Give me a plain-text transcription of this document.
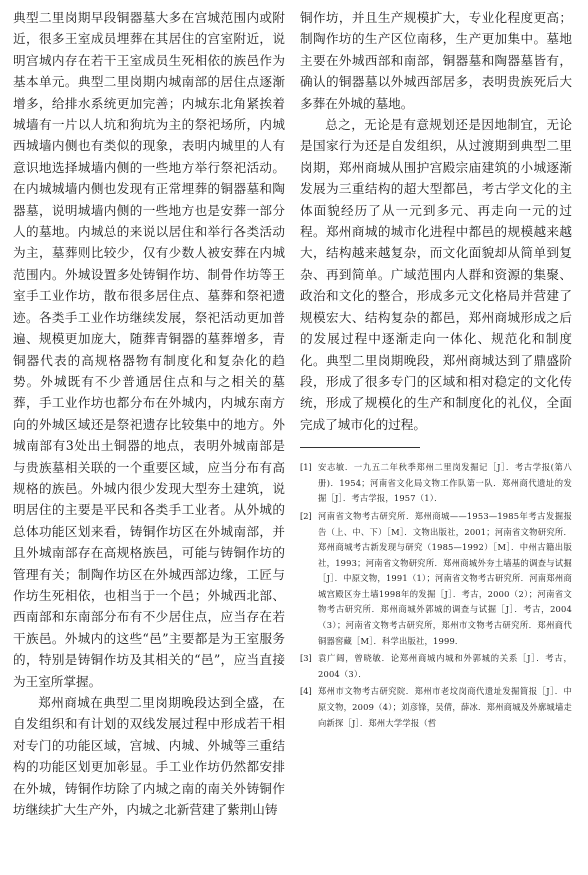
典型二里岗期早段铜器墓大多在宫城范围内或附近，很多王室成员埋葬在其居住的宫室附近，说明宫城内存在若干王室成员生死相依的族邑作为基本单元。典型二里岗期内城南部的居住点逐渐增多，给排水系统更加完善；内城东北角紧挨着城墙有一片以人坑和狗坑为主的祭祀场所，内城西城墙内侧也有类似的现象，表明内城里的人有意识地选择城墙内侧的一些地方举行祭祀活动。在内城城墙内侧也发现有正常埋葬的铜器墓和陶器墓，说明城墙内侧的一些地方也是安葬一部分人的墓地。内城总的来说以居住和举行各类活动为主，墓葬则比较少，仅有少数人被安葬在内城范围内。外城设置多处铸铜作坊、制骨作坊等王室手工业作坊，散布很多居住点、墓葬和祭祀遗迹。各类手工业作坊继续发展，祭祀活动更加普遍、规模更加庞大，随葬青铜器的墓葬增多，青铜器代表的高规格器物有制度化和复杂化的趋势。外城既有不少普通居住点和与之相关的墓葬，手工业作坊也都分布在外城内，内城东南方向的外城区域还是祭祀遗存比较集中的地方。外城南部有3处出土铜器的地点，表明外城南部是与贵族墓相关联的一个重要区域，应当分布有高规格的族邑。外城内很少发现大型夯土建筑，说明居住的主要是平民和各类手工业者。从外城的总体功能区划来看，铸铜作坊区在外城南部，并且外城南部存在高规格族邑，可能与铸铜作坊的管理有关；制陶作坊区在外城西部边缘，工匠与作坊生死相依，也相当于一个邑；外城西北部、西南部和东南部分布有不少居住点，应当存在若干族邑。外城内的这些“邑”主要都是为王室服务的，特别是铸铜作坊及其相关的“邑”，应当直接为王室所掌握。

郑州商城在典型二里岗期晚段达到全盛，在自发组织和有计划的双线发展过程中形成若干相对专门的功能区域，宫城、内城、外城等三重结构的功能区划更加彰显。手工业作坊仍然都安排在外城，铸铜作坊除了内城之南的南关外铸铜作坊继续扩大生产外，内城之北新营建了紫荆山铸

铜作坊，并且生产规模扩大，专业化程度更高；制陶作坊的生产区位南移，生产更加集中。墓地主要在外城西部和南部，铜器墓和陶器墓皆有，确认的铜器墓以外城西部居多，表明贵族死后大多葬在外城的墓地。

总之，无论是有意规划还是因地制宜，无论是国家行为还是自发组织，从过渡期到典型二里岗期，郑州商城从围护宫殿宗庙建筑的小城逐渐发展为三重结构的超大型都邑，考古学文化的主体面貌经历了从一元到多元、再走向一元的过程。郑州商城的城市化进程中都邑的规模越来越大，结构越来越复杂，而文化面貌却从简单到复杂、再到简单。广域范围内人群和资源的集聚、政治和文化的整合，形成多元文化格局并营建了规模宏大、结构复杂的都邑，郑州商城形成之后的发展过程中逐渐走向一体化、规范化和制度化。典型二里岗期晚段，郑州商城达到了鼎盛阶段，形成了很多专门的区域和相对稳定的文化传统，形成了规模化的生产和制度化的礼仪，全面完成了城市化的过程。

[1] 安志敏．一九五二年秋季郑州二里岗发掘记［J］．考古学报(第八册)．1954；河南省文化局文物工作队第一队．郑州商代遗址的发掘［J］．考古学报，1957（1）．
[2] 河南省文物考古研究所．郑州商城——1953—1985年考古发掘报告（上、中、下）［M］．文物出版社，2001；河南省文物研究所．郑州商城考古新发现与研究（1985—1992）［M］．中州古籍出版社，1993；河南省文物研究所．郑州商城外夯土墙基的调查与试掘［J］．中原文物，1991（1）；河南省文物考古研究所．河南郑州商城宫殿区夯土墙1998年的发掘［J］．考古，2000（2）；河南省文物考古研究所．郑州商城外郭城的调查与试掘［J］．考古，2004（3）；河南省文物考古研究所，郑州市文物考古研究所．郑州商代铜器窖藏［M］．科学出版社，1999．
[3] 袁广阔，曾晓敏．论郑州商城内城和外郭城的关系［J］．考古，2004（3）．
[4] 郑州市文物考古研究院．郑州市老坟岗商代遗址发掘简报［J］．中原文物，2009（4）；刘彦锋，吴倩，薛冰．郑州商城及外廓城墙走向新探［J］．郑州大学学报（哲
